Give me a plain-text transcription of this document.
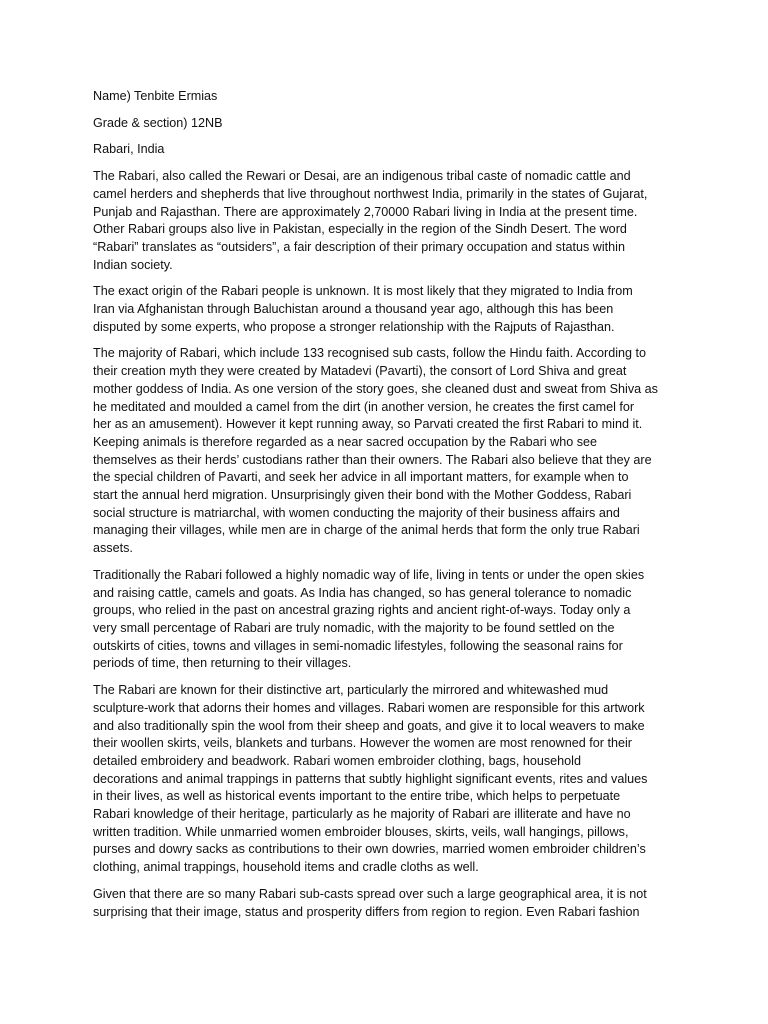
Name) Tenbite Ermias

Grade & section) 12NB

Rabari, India

The Rabari, also called the Rewari or Desai, are an indigenous tribal caste of nomadic cattle and
camel herders and shepherds that live throughout northwest India, primarily in the states of Gujarat,
Punjab and Rajasthan. There are approximately 2,70000 Rabari living in India at the present time.
Other Rabari groups also live in Pakistan, especially in the region of the Sindh Desert. The word
“Rabari” translates as “outsiders”, a fair description of their primary occupation and status within
Indian society.

The exact origin of the Rabari people is unknown. It is most likely that they migrated to India from
Iran via Afghanistan through Baluchistan around a thousand year ago, although this has been
disputed by some experts, who propose a stronger relationship with the Rajputs of Rajasthan.

The majority of Rabari, which include 133 recognised sub casts, follow the Hindu faith. According to
their creation myth they were created by Matadevi (Pavarti), the consort of Lord Shiva and great
mother goddess of India. As one version of the story goes, she cleaned dust and sweat from Shiva as
he meditated and moulded a camel from the dirt (in another version, he creates the first camel for
her as an amusement). However it kept running away, so Parvati created the first Rabari to mind it.
Keeping animals is therefore regarded as a near sacred occupation by the Rabari who see
themselves as their herds’ custodians rather than their owners. The Rabari also believe that they are
the special children of Pavarti, and seek her advice in all important matters, for example when to
start the annual herd migration. Unsurprisingly given their bond with the Mother Goddess, Rabari
social structure is matriarchal, with women conducting the majority of their business affairs and
managing their villages, while men are in charge of the animal herds that form the only true Rabari
assets.

Traditionally the Rabari followed a highly nomadic way of life, living in tents or under the open skies
and raising cattle, camels and goats. As India has changed, so has general tolerance to nomadic
groups, who relied in the past on ancestral grazing rights and ancient right-of-ways. Today only a
very small percentage of Rabari are truly nomadic, with the majority to be found settled on the
outskirts of cities, towns and villages in semi-nomadic lifestyles, following the seasonal rains for
periods of time, then returning to their villages.

The Rabari are known for their distinctive art, particularly the mirrored and whitewashed mud
sculpture-work that adorns their homes and villages. Rabari women are responsible for this artwork
and also traditionally spin the wool from their sheep and goats, and give it to local weavers to make
their woollen skirts, veils, blankets and turbans. However the women are most renowned for their
detailed embroidery and beadwork. Rabari women embroider clothing, bags, household
decorations and animal trappings in patterns that subtly highlight significant events, rites and values
in their lives, as well as historical events important to the entire tribe, which helps to perpetuate
Rabari knowledge of their heritage, particularly as he majority of Rabari are illiterate and have no
written tradition. While unmarried women embroider blouses, skirts, veils, wall hangings, pillows,
purses and dowry sacks as contributions to their own dowries, married women embroider children’s
clothing, animal trappings, household items and cradle cloths as well.

Given that there are so many Rabari sub-casts spread over such a large geographical area, it is not
surprising that their image, status and prosperity differs from region to region. Even Rabari fashion
